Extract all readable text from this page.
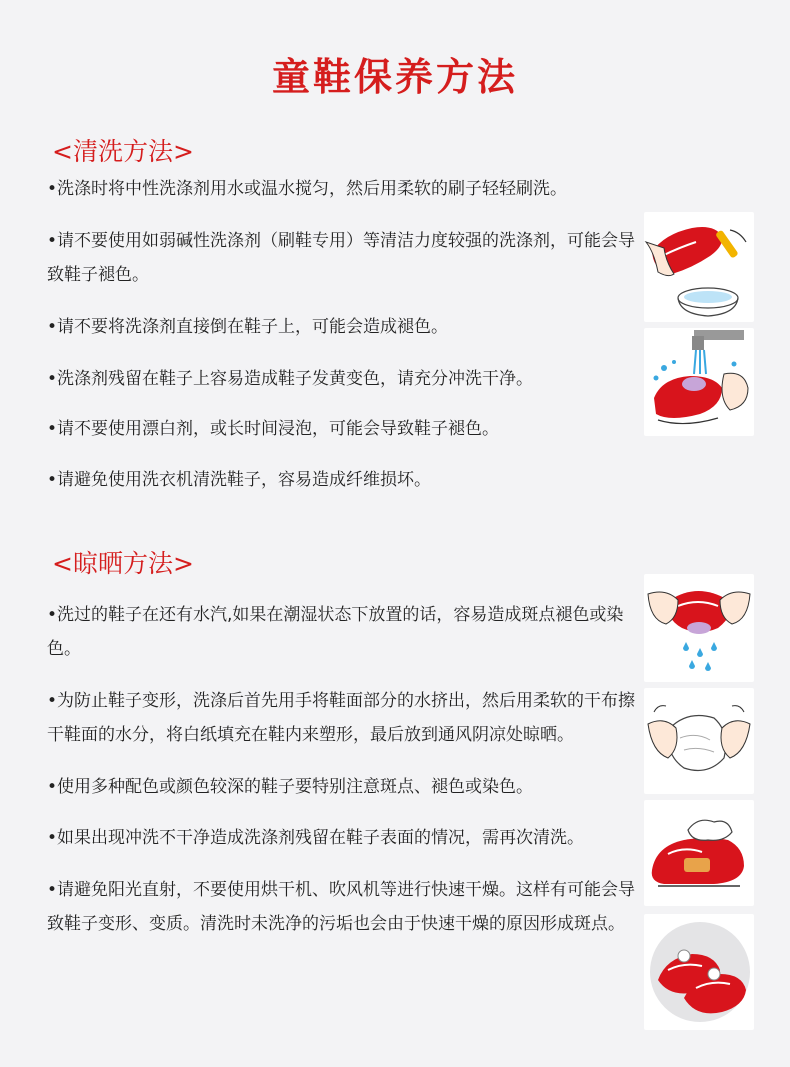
童鞋保养方法
<清洗方法>
•洗涤时将中性洗涤剂用水或温水搅匀，然后用柔软的刷子轻轻刷洗。
•请不要使用如弱碱性洗涤剂（刷鞋专用）等清洁力度较强的洗涤剂，可能会导致鞋子褪色。
•请不要将洗涤剂直接倒在鞋子上，可能会造成褪色。
•洗涤剂残留在鞋子上容易造成鞋子发黄变色，请充分冲洗干净。
•请不要使用漂白剂，或长时间浸泡，可能会导致鞋子褪色。
•请避免使用洗衣机清洗鞋子，容易造成纤维损坏。
<晾晒方法>
•洗过的鞋子在还有水汽,如果在潮湿状态下放置的话，容易造成斑点褪色或染色。
•为防止鞋子变形，洗涤后首先用手将鞋面部分的水挤出，然后用柔软的干布擦干鞋面的水分，将白纸填充在鞋内来塑形，最后放到通风阴凉处晾晒。
•使用多种配色或颜色较深的鞋子要特别注意斑点、褪色或染色。
•如果出现冲洗不干净造成洗涤剂残留在鞋子表面的情况，需再次清洗。
•请避免阳光直射，不要使用烘干机、吹风机等进行快速干燥。这样有可能会导致鞋子变形、变质。清洗时未洗净的污垢也会由于快速干燥的原因形成斑点。
